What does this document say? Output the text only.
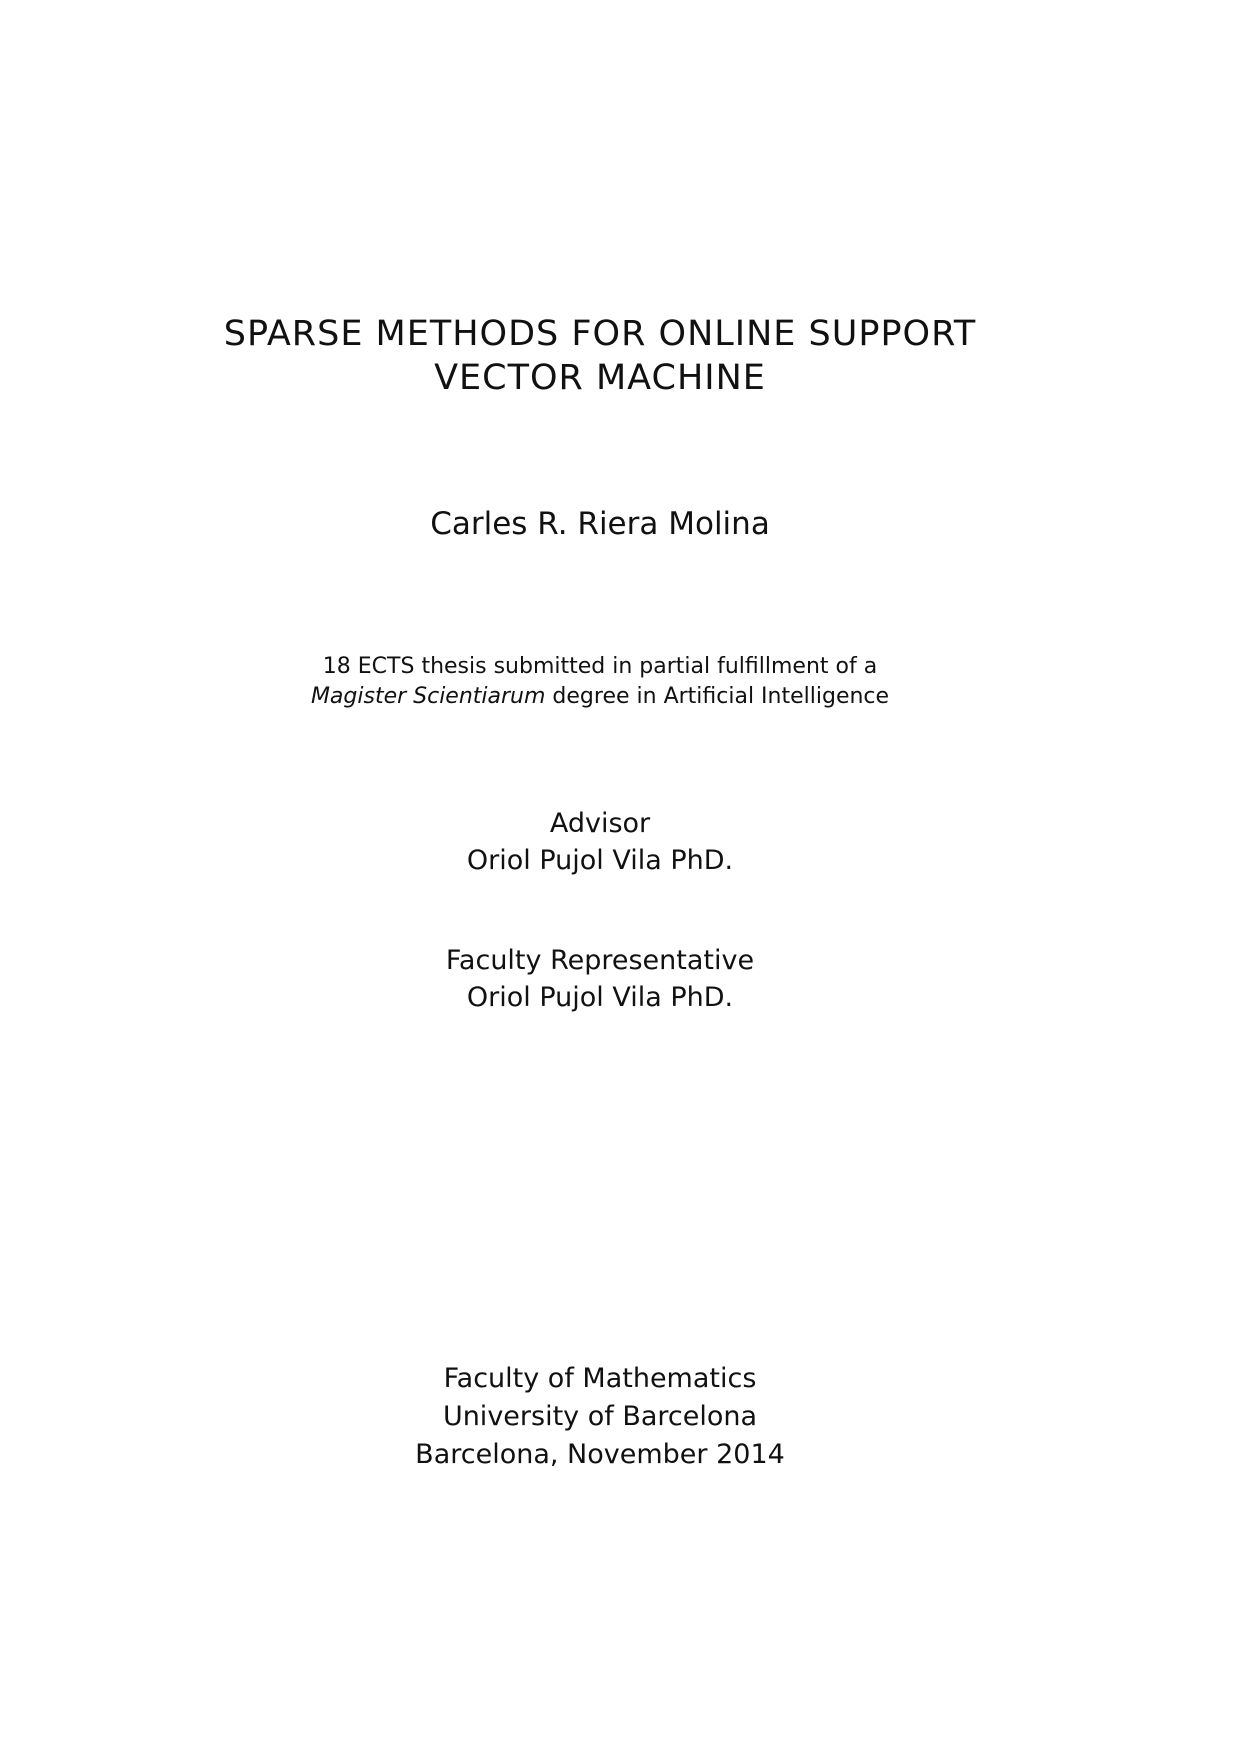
SPARSE METHODS FOR ONLINE SUPPORT
VECTOR MACHINE
Carles R. Riera Molina
18 ECTS thesis submitted in partial fulfillment of a
Magister Scientiarum degree in Artificial Intelligence
Advisor
Oriol Pujol Vila PhD.
Faculty Representative
Oriol Pujol Vila PhD.
Faculty of Mathematics
University of Barcelona
Barcelona, November 2014
